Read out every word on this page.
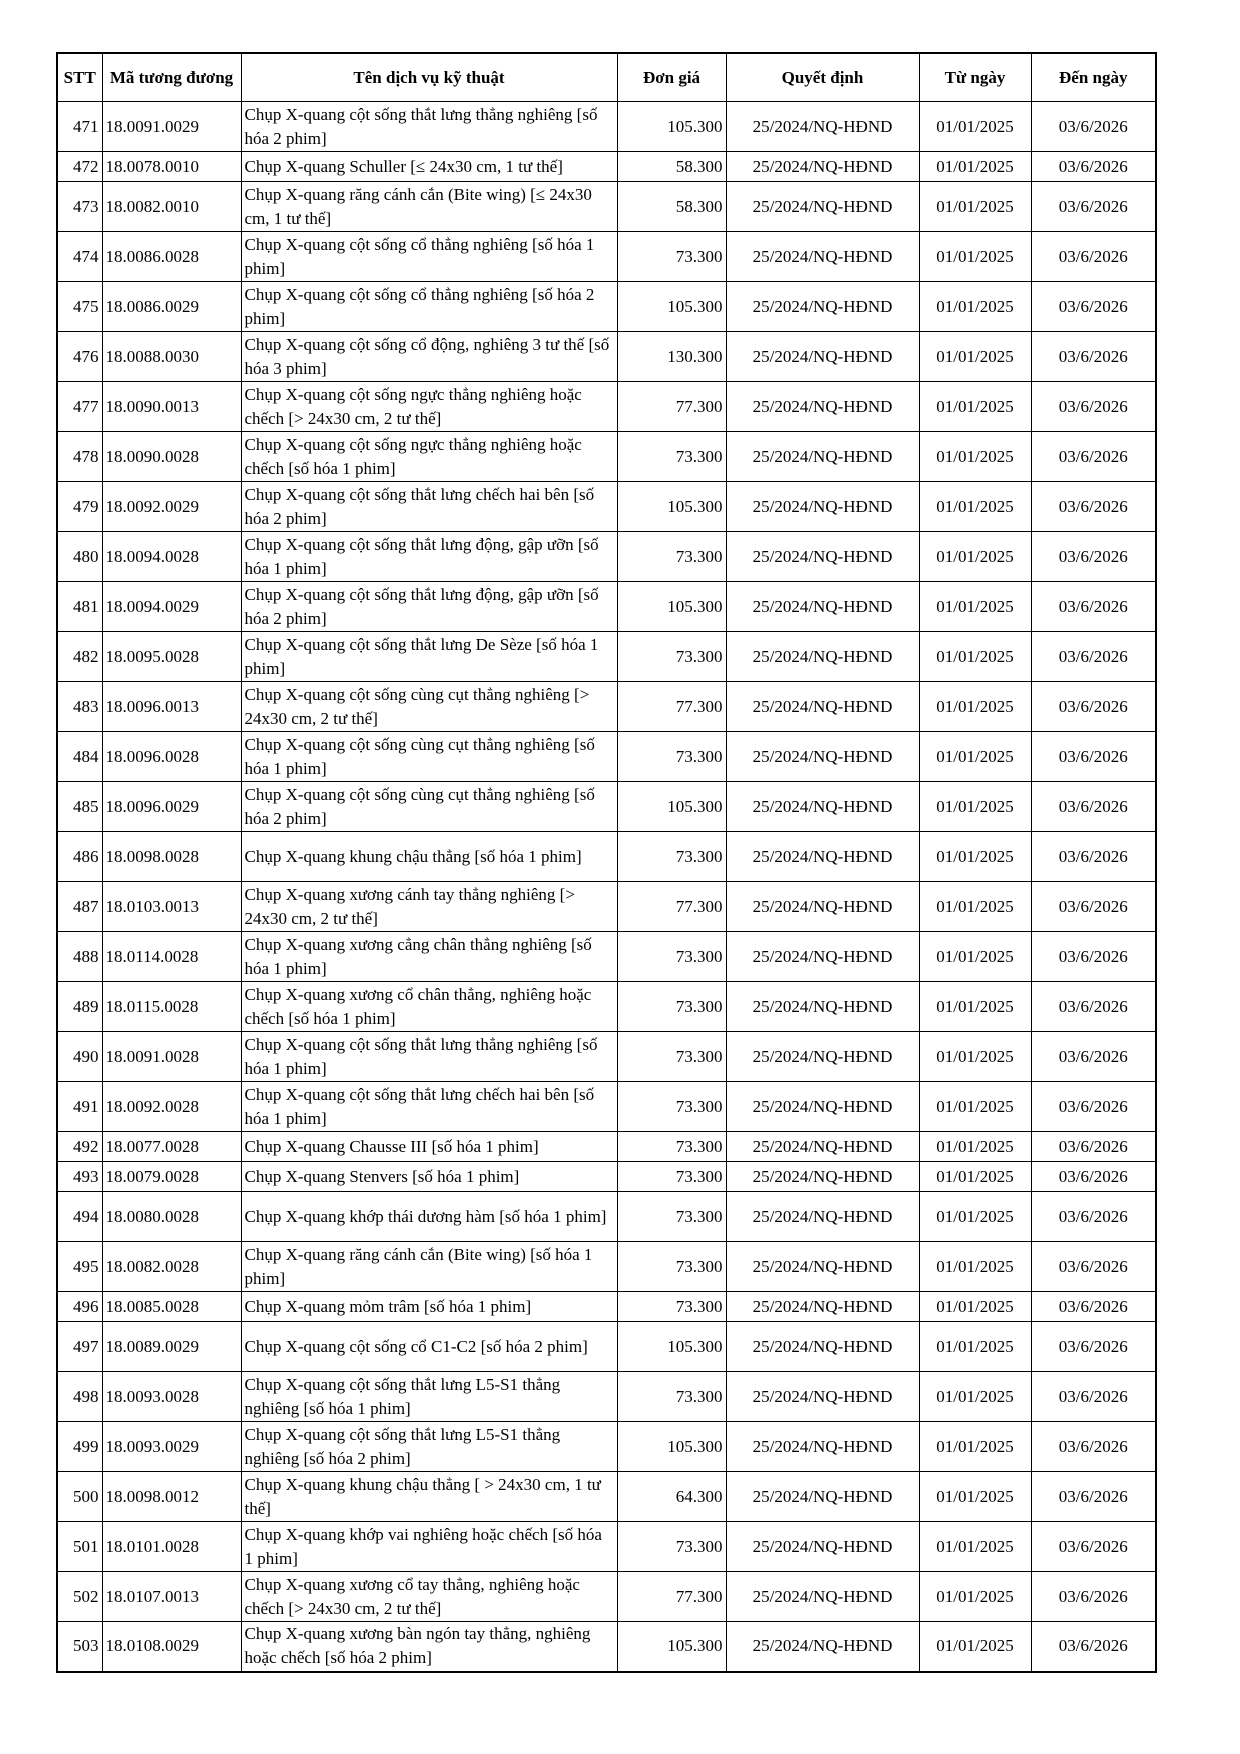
STT	Mã tương đương	Tên dịch vụ kỹ thuật	Đơn giá	Quyết định	Từ ngày	Đến ngày
471	18.0091.0029	Chụp X-quang cột sống thắt lưng thẳng nghiêng [số hóa 2 phim]	105.300	25/2024/NQ-HĐND	01/01/2025	03/6/2026
472	18.0078.0010	Chụp X-quang Schuller [≤ 24x30 cm, 1 tư thế]	58.300	25/2024/NQ-HĐND	01/01/2025	03/6/2026
473	18.0082.0010	Chụp X-quang răng cánh cắn (Bite wing) [≤ 24x30 cm, 1 tư thế]	58.300	25/2024/NQ-HĐND	01/01/2025	03/6/2026
474	18.0086.0028	Chụp X-quang cột sống cổ thẳng nghiêng [số hóa 1 phim]	73.300	25/2024/NQ-HĐND	01/01/2025	03/6/2026
475	18.0086.0029	Chụp X-quang cột sống cổ thẳng nghiêng [số hóa 2 phim]	105.300	25/2024/NQ-HĐND	01/01/2025	03/6/2026
476	18.0088.0030	Chụp X-quang cột sống cổ động, nghiêng 3 tư thế [số hóa 3 phim]	130.300	25/2024/NQ-HĐND	01/01/2025	03/6/2026
477	18.0090.0013	Chụp X-quang cột sống ngực thẳng nghiêng hoặc chếch [> 24x30 cm, 2 tư thế]	77.300	25/2024/NQ-HĐND	01/01/2025	03/6/2026
478	18.0090.0028	Chụp X-quang cột sống ngực thẳng nghiêng hoặc chếch [số hóa 1 phim]	73.300	25/2024/NQ-HĐND	01/01/2025	03/6/2026
479	18.0092.0029	Chụp X-quang cột sống thắt lưng chếch hai bên [số hóa 2 phim]	105.300	25/2024/NQ-HĐND	01/01/2025	03/6/2026
480	18.0094.0028	Chụp X-quang cột sống thắt lưng động, gập ưỡn [số hóa 1 phim]	73.300	25/2024/NQ-HĐND	01/01/2025	03/6/2026
481	18.0094.0029	Chụp X-quang cột sống thắt lưng động, gập ưỡn [số hóa 2 phim]	105.300	25/2024/NQ-HĐND	01/01/2025	03/6/2026
482	18.0095.0028	Chụp X-quang cột sống thắt lưng De Sèze [số hóa 1 phim]	73.300	25/2024/NQ-HĐND	01/01/2025	03/6/2026
483	18.0096.0013	Chụp X-quang cột sống cùng cụt thẳng nghiêng [> 24x30 cm, 2 tư thế]	77.300	25/2024/NQ-HĐND	01/01/2025	03/6/2026
484	18.0096.0028	Chụp X-quang cột sống cùng cụt thẳng nghiêng [số hóa 1 phim]	73.300	25/2024/NQ-HĐND	01/01/2025	03/6/2026
485	18.0096.0029	Chụp X-quang cột sống cùng cụt thẳng nghiêng [số hóa 2 phim]	105.300	25/2024/NQ-HĐND	01/01/2025	03/6/2026
486	18.0098.0028	Chụp X-quang khung chậu thẳng [số hóa 1 phim]	73.300	25/2024/NQ-HĐND	01/01/2025	03/6/2026
487	18.0103.0013	Chụp X-quang xương cánh tay thẳng nghiêng [> 24x30 cm, 2 tư thế]	77.300	25/2024/NQ-HĐND	01/01/2025	03/6/2026
488	18.0114.0028	Chụp X-quang xương cẳng chân thẳng nghiêng [số hóa 1 phim]	73.300	25/2024/NQ-HĐND	01/01/2025	03/6/2026
489	18.0115.0028	Chụp X-quang xương cổ chân thẳng, nghiêng hoặc chếch [số hóa 1 phim]	73.300	25/2024/NQ-HĐND	01/01/2025	03/6/2026
490	18.0091.0028	Chụp X-quang cột sống thắt lưng thẳng nghiêng [số hóa 1 phim]	73.300	25/2024/NQ-HĐND	01/01/2025	03/6/2026
491	18.0092.0028	Chụp X-quang cột sống thắt lưng chếch hai bên [số hóa 1 phim]	73.300	25/2024/NQ-HĐND	01/01/2025	03/6/2026
492	18.0077.0028	Chụp X-quang Chausse III [số hóa 1 phim]	73.300	25/2024/NQ-HĐND	01/01/2025	03/6/2026
493	18.0079.0028	Chụp X-quang Stenvers [số hóa 1 phim]	73.300	25/2024/NQ-HĐND	01/01/2025	03/6/2026
494	18.0080.0028	Chụp X-quang khớp thái dương hàm [số hóa 1 phim]	73.300	25/2024/NQ-HĐND	01/01/2025	03/6/2026
495	18.0082.0028	Chụp X-quang răng cánh cắn (Bite wing) [số hóa 1 phim]	73.300	25/2024/NQ-HĐND	01/01/2025	03/6/2026
496	18.0085.0028	Chụp X-quang mỏm trâm [số hóa 1 phim]	73.300	25/2024/NQ-HĐND	01/01/2025	03/6/2026
497	18.0089.0029	Chụp X-quang cột sống cổ C1-C2 [số hóa 2 phim]	105.300	25/2024/NQ-HĐND	01/01/2025	03/6/2026
498	18.0093.0028	Chụp X-quang cột sống thắt lưng L5-S1 thẳng nghiêng [số hóa 1 phim]	73.300	25/2024/NQ-HĐND	01/01/2025	03/6/2026
499	18.0093.0029	Chụp X-quang cột sống thắt lưng L5-S1 thẳng nghiêng [số hóa 2 phim]	105.300	25/2024/NQ-HĐND	01/01/2025	03/6/2026
500	18.0098.0012	Chụp X-quang khung chậu thẳng [ > 24x30 cm, 1 tư thế]	64.300	25/2024/NQ-HĐND	01/01/2025	03/6/2026
501	18.0101.0028	Chụp X-quang khớp vai nghiêng hoặc chếch [số hóa 1 phim]	73.300	25/2024/NQ-HĐND	01/01/2025	03/6/2026
502	18.0107.0013	Chụp X-quang xương cổ tay thẳng, nghiêng hoặc chếch [> 24x30 cm, 2 tư thế]	77.300	25/2024/NQ-HĐND	01/01/2025	03/6/2026
503	18.0108.0029	Chụp X-quang xương bàn ngón tay thẳng, nghiêng hoặc chếch [số hóa 2 phim]	105.300	25/2024/NQ-HĐND	01/01/2025	03/6/2026
